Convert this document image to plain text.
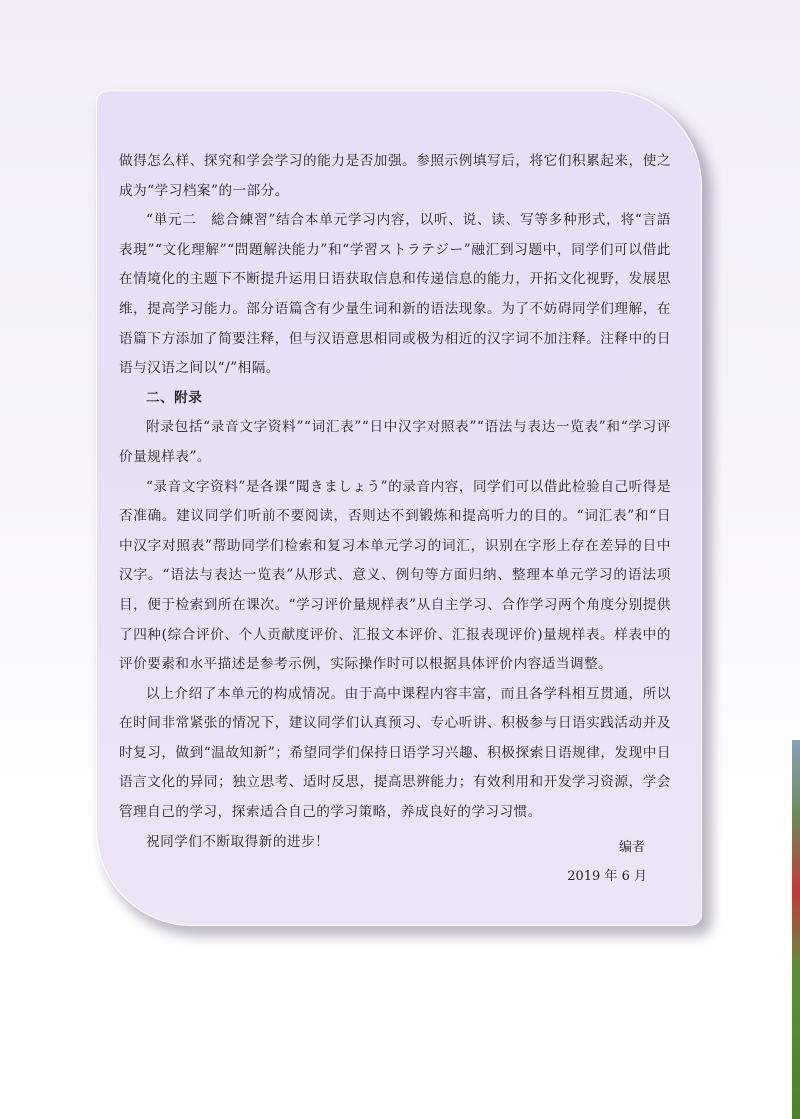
做得怎么样、探究和学会学习的能力是否加强。参照示例填写后，将它们积累起来，使之成为“学习档案”的一部分。

“単元二　総合練習”结合本单元学习内容，以听、说、读、写等多种形式，将“言語表現”“文化理解”“問題解決能力”和“学習ストラテジー”融汇到习题中，同学们可以借此在情境化的主题下不断提升运用日语获取信息和传递信息的能力，开拓文化视野，发展思维，提高学习能力。部分语篇含有少量生词和新的语法现象。为了不妨碍同学们理解，在语篇下方添加了简要注释，但与汉语意思相同或极为相近的汉字词不加注释。注释中的日语与汉语之间以“/”相隔。

二、附录

附录包括“录音文字资料”“词汇表”“日中汉字对照表”“语法与表达一览表”和“学习评价量规样表”。

“录音文字资料”是各课“聞きましょう”的录音内容，同学们可以借此检验自己听得是否准确。建议同学们听前不要阅读，否则达不到锻炼和提高听力的目的。“词汇表”和“日中汉字对照表”帮助同学们检索和复习本单元学习的词汇，识别在字形上存在差异的日中汉字。“语法与表达一览表”从形式、意义、例句等方面归纳、整理本单元学习的语法项目，便于检索到所在课次。“学习评价量规样表”从自主学习、合作学习两个角度分别提供了四种(综合评价、个人贡献度评价、汇报文本评价、汇报表现评价)量规样表。样表中的评价要素和水平描述是参考示例，实际操作时可以根据具体评价内容适当调整。

以上介绍了本单元的构成情况。由于高中课程内容丰富，而且各学科相互贯通，所以在时间非常紧张的情况下，建议同学们认真预习、专心听讲、积极参与日语实践活动并及时复习，做到“温故知新”；希望同学们保持日语学习兴趣、积极探索日语规律，发现中日语言文化的异同；独立思考、适时反思，提高思辨能力；有效利用和开发学习资源，学会管理自己的学习，探索适合自己的学习策略，养成良好的学习习惯。

祝同学们不断取得新的进步！	编者

2019 年 6 月
